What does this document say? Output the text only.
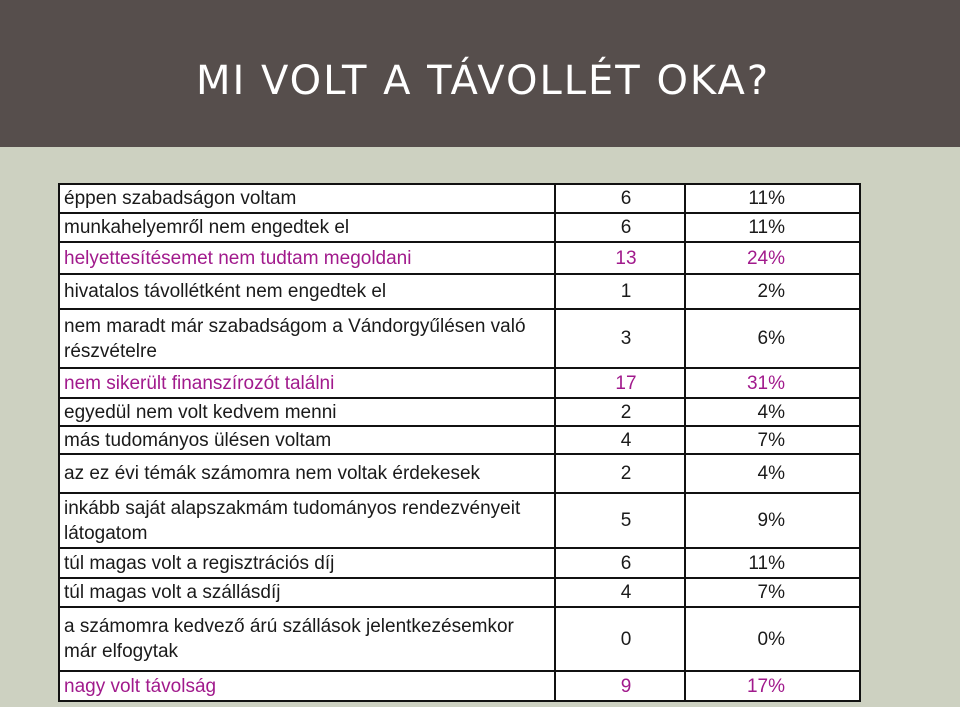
MI VOLT A TÁVOLLÉT OKA?
éppen szabadságon voltam	6	11%
munkahelyemről nem engedtek el	6	11%
helyettesítésemet nem tudtam megoldani	13	24%
hivatalos távollétként nem engedtek el	1	2%
nem maradt már szabadságom a Vándorgyűlésen való részvételre	3	6%
nem sikerült finanszírozót találni	17	31%
egyedül nem volt kedvem menni	2	4%
más tudományos ülésen voltam	4	7%
az ez évi témák számomra nem voltak érdekesek	2	4%
inkább saját alapszakmám tudományos rendezvényeit látogatom	5	9%
túl magas volt a regisztrációs díj	6	11%
túl magas volt a szállásdíj	4	7%
a számomra kedvező árú szállások jelentkezésemkor már elfogytak	0	0%
nagy volt távolság	9	17%
